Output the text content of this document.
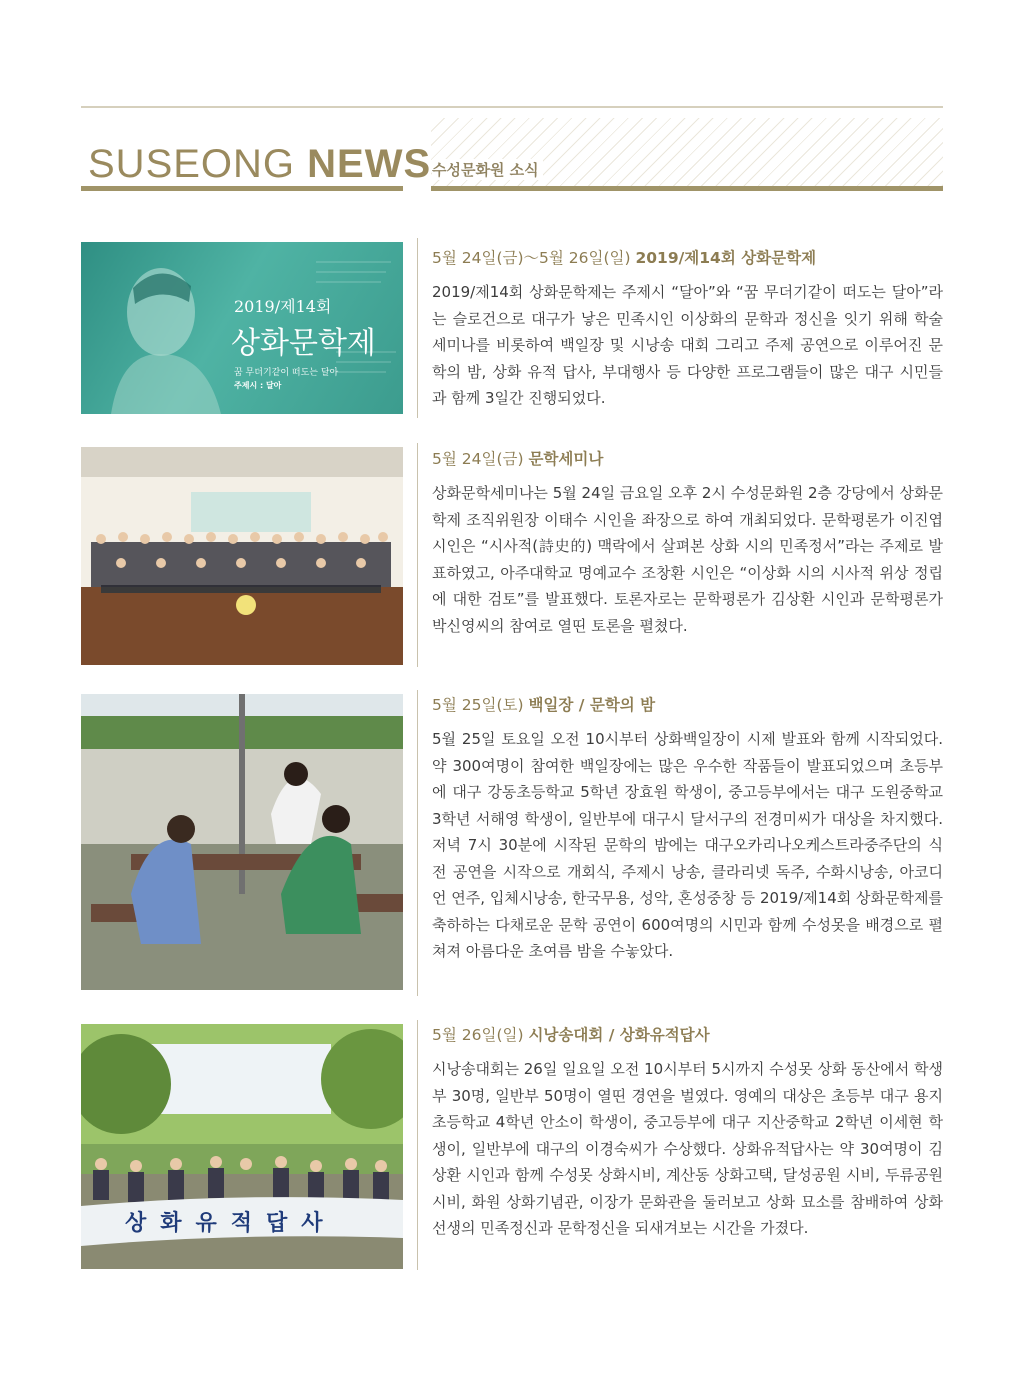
SUSEONG NEWS 수성문화원 소식
2019/제14회
상화문학제
꿈 무더기같이 떠도는 달아
주제시 : 달아
5월 24일(금)〜5월 26일(일) 2019/제14회 상화문학제

2019/제14회 상화문학제는 주제시 “달아”와 “꿈 무더기같이 떠도는 달아”라는 슬로건으로 대구가 낳은 민족시인 이상화의 문학과 정신을 잇기 위해 학술세미나를 비롯하여 백일장 및 시낭송 대회 그리고 주제 공연으로 이루어진 문학의 밤, 상화 유적 답사, 부대행사 등 다양한 프로그램들이 많은 대구 시민들과 함께 3일간 진행되었다.

5월 24일(금) 문학세미나

상화문학세미나는 5월 24일 금요일 오후 2시 수성문화원 2층 강당에서 상화문학제 조직위원장 이태수 시인을 좌장으로 하여 개최되었다. 문학평론가 이진엽 시인은 “시사적(詩史的) 맥락에서 살펴본 상화 시의 민족정서”라는 주제로 발표하였고, 아주대학교 명예교수 조창환 시인은 “이상화 시의 시사적 위상 정립에 대한 검토”를 발표했다. 토론자로는 문학평론가 김상환 시인과 문학평론가 박신영씨의 참여로 열띤 토론을 펼쳤다.

5월 25일(토) 백일장 / 문학의 밤

5월 25일 토요일 오전 10시부터 상화백일장이 시제 발표와 함께 시작되었다. 약 300여명이 참여한 백일장에는 많은 우수한 작품들이 발표되었으며 초등부에 대구 강동초등학교 5학년 장효원 학생이, 중고등부에서는 대구 도원중학교 3학년 서해영 학생이, 일반부에 대구시 달서구의 전경미씨가 대상을 차지했다. 저녁 7시 30분에 시작된 문학의 밤에는 대구오카리나오케스트라중주단의 식전 공연을 시작으로 개회식, 주제시 낭송, 클라리넷 독주, 수화시낭송, 아코디언 연주, 입체시낭송, 한국무용, 성악, 혼성중창 등 2019/제14회 상화문학제를 축하하는 다채로운 문학 공연이 600여명의 시민과 함께 수성못을 배경으로 펼쳐져 아름다운 초여름 밤을 수놓았다.

상화유적답사
5월 26일(일) 시낭송대회 / 상화유적답사

시낭송대회는 26일 일요일 오전 10시부터 5시까지 수성못 상화 동산에서 학생부 30명, 일반부 50명이 열띤 경연을 벌였다. 영예의 대상은 초등부 대구 용지초등학교 4학년 안소이 학생이, 중고등부에 대구 지산중학교 2학년 이세현 학생이, 일반부에 대구의 이경숙씨가 수상했다. 상화유적답사는 약 30여명이 김상환 시인과 함께 수성못 상화시비, 계산동 상화고택, 달성공원 시비, 두류공원 시비, 화원 상화기념관, 이장가 문화관을 둘러보고 상화 묘소를 참배하여 상화 선생의 민족정신과 문학정신을 되새겨보는 시간을 가졌다.
